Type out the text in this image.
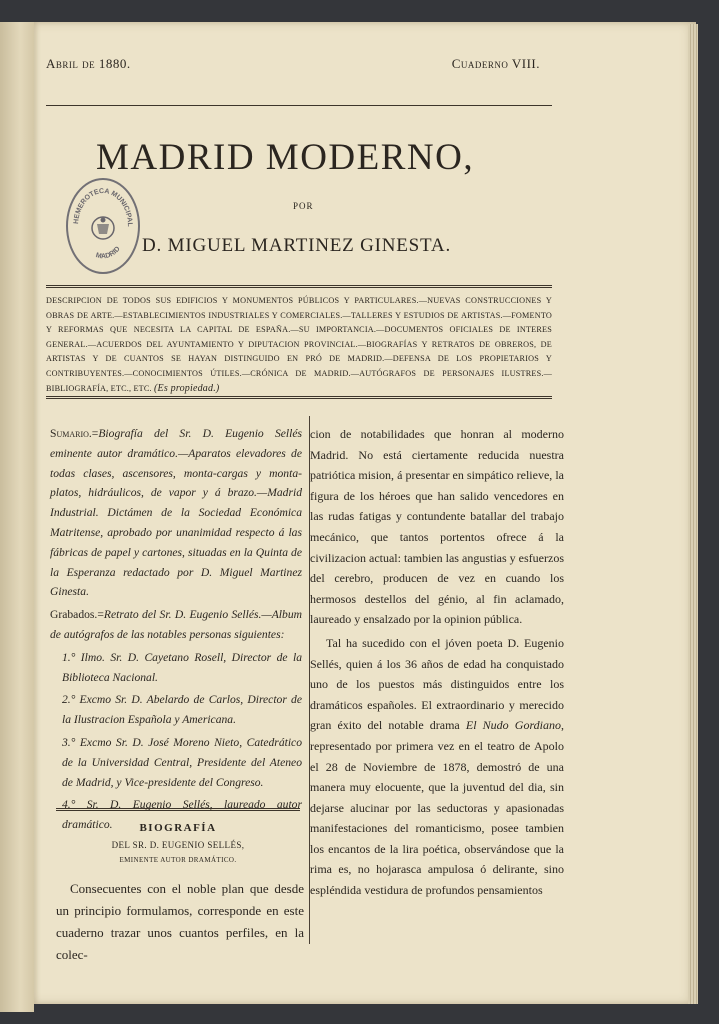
Abril de 1880.	Cuaderno VIII.
MADRID MODERNO,
POR
D. MIGUEL MARTINEZ GINESTA.
HEMEROTECA MUNICIPAL
MADRID
DESCRIPCION DE TODOS SUS EDIFICIOS Y MONUMENTOS PÚBLICOS Y PARTICULARES.—NUEVAS CONSTRUCCIONES Y OBRAS DE ARTE.—ESTABLECIMIENTOS INDUSTRIALES Y COMERCIALES.—TALLERES Y ESTUDIOS DE ARTISTAS.—FOMENTO Y REFORMAS QUE NECESITA LA CAPITAL DE ESPAÑA.—SU IMPORTANCIA.—DOCUMENTOS OFICIALES DE INTERES GENERAL.—ACUERDOS DEL AYUNTAMIENTO Y DIPUTACION PROVINCIAL.—BIOGRAFÍAS Y RETRATOS DE OBREROS, DE ARTISTAS Y DE CUANTOS SE HAYAN DISTINGUIDO EN PRÓ DE MADRID.—DEFENSA DE LOS PROPIETARIOS Y CONTRIBUYENTES.—CONOCIMIENTOS ÚTILES.—CRÓNICA DE MADRID.—AUTÓGRAFOS DE PERSONAJES ILUSTRES.—BIBLIOGRAFÍA, ETC., ETC. (Es propiedad.)

Sumario.=Biografía del Sr. D. Eugenio Sellés eminente autor dramático.—Aparatos elevadores de todas clases, ascensores, monta-cargas y monta-platos, hidráulicos, de vapor y á brazo.—Madrid Industrial. Dictámen de la Sociedad Económica Matritense, aprobado por unanimidad respecto á las fábricas de papel y cartones, situadas en la Quinta de la Esperanza redactado por D. Miguel Martinez Ginesta.

Grabados.=Retrato del Sr. D. Eugenio Sellés.—Album de autógrafos de las notables personas siguientes:

1.° Ilmo. Sr. D. Cayetano Rosell, Director de la Biblioteca Nacional.

2.° Excmo Sr. D. Abelardo de Carlos, Director de la Ilustracion Española y Americana.

3.° Excmo Sr. D. José Moreno Nieto, Catedrático de la Universidad Central, Presidente del Ateneo de Madrid, y Vice-presidente del Congreso.

4.° Sr. D. Eugenio Sellés, laureado autor dramático.	BIOGRAFÍA
DEL SR. D. EUGENIO SELLÉS,
EMINENTE AUTOR DRAMÁTICO.
Consecuentes con el noble plan que desde un principio formulamos, corresponde en este cuaderno trazar unos cuantos perfiles, en la colec-

cion de notabilidades que honran al moderno Madrid. No está ciertamente reducida nuestra patriótica mision, á presentar en simpático relieve, la figura de los héroes que han salido vencedores en las rudas fatigas y contundente batallar del trabajo mecánico, que tantos portentos ofrece á la civilizacion actual: tambien las angustias y esfuerzos del cerebro, producen de vez en cuando los hermosos destellos del génio, al fin aclamado, laureado y ensalzado por la opinion pública.

Tal ha sucedido con el jóven poeta D. Eugenio Sellés, quien á los 36 años de edad ha conquistado uno de los puestos más distinguidos entre los dramáticos españoles. El extraordinario y merecido gran éxito del notable drama El Nudo Gordiano, representado por primera vez en el teatro de Apolo el 28 de Noviembre de 1878, demostró de una manera muy elocuente, que la juventud del dia, sin dejarse alucinar por las seductoras y apasionadas manifestaciones del romanticismo, posee tambien los encantos de la lira poética, observándose que la rima es, no hojarasca ampulosa ó delirante, sino espléndida vestidura de profundos pensamientos
